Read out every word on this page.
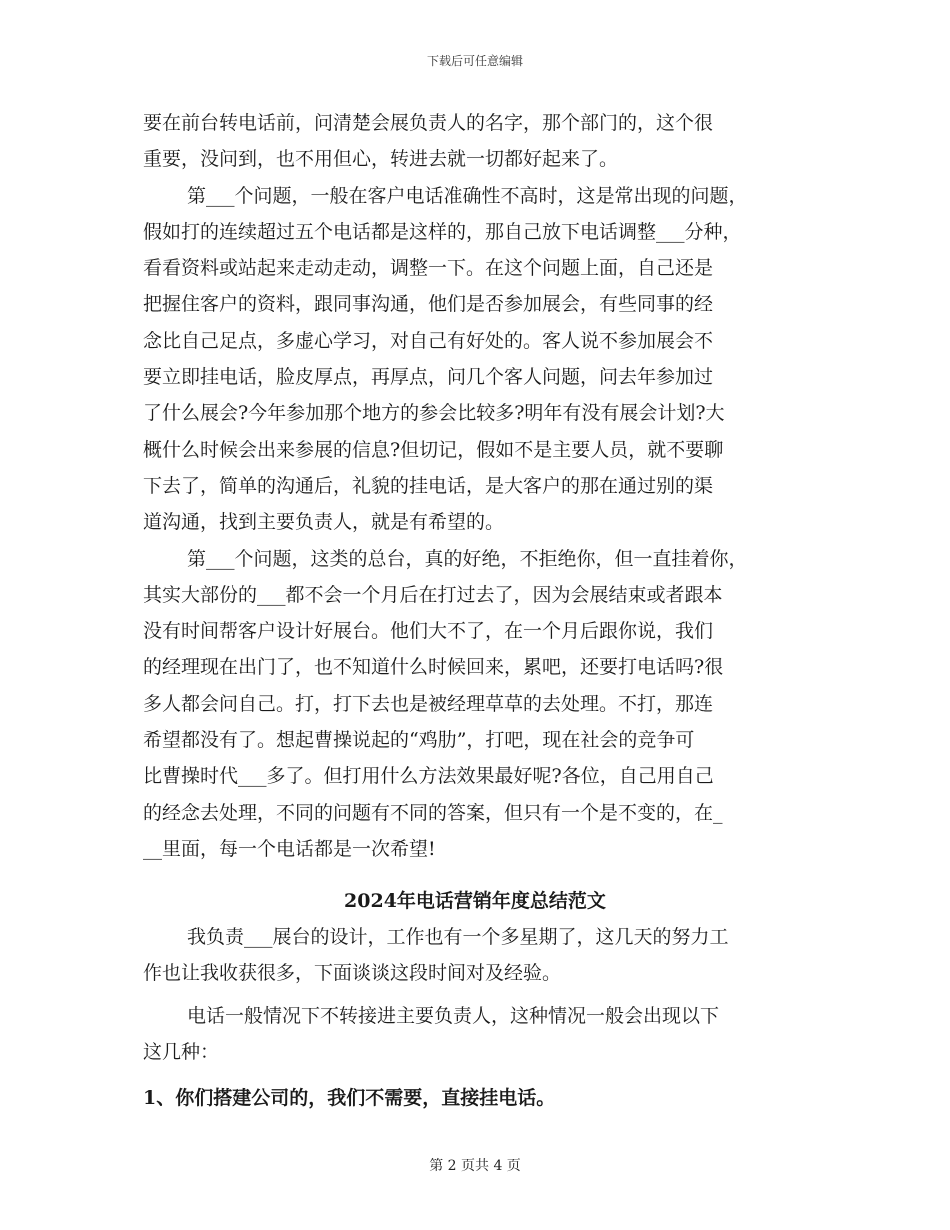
下载后可任意编辑
要在前台转电话前，问清楚会展负责人的名字，那个部门的，这个很
重要，没问到，也不用但心，转进去就一切都好起来了。
第___个问题，一般在客户电话准确性不高时，这是常出现的问题，
假如打的连续超过五个电话都是这样的，那自己放下电话调整___分种，
看看资料或站起来走动走动，调整一下。在这个问题上面，自己还是
把握住客户的资料，跟同事沟通，他们是否参加展会，有些同事的经
念比自己足点，多虚心学习，对自己有好处的。客人说不参加展会不
要立即挂电话，脸皮厚点，再厚点，问几个客人问题，问去年参加过
了什么展会?今年参加那个地方的参会比较多?明年有没有展会计划?大
概什么时候会出来参展的信息?但切记，假如不是主要人员，就不要聊
下去了，简单的沟通后，礼貌的挂电话，是大客户的那在通过别的渠
道沟通，找到主要负责人，就是有希望的。
第___个问题，这类的总台，真的好绝，不拒绝你，但一直挂着你，
其实大部份的___都不会一个月后在打过去了，因为会展结束或者跟本
没有时间帮客户设计好展台。他们大不了，在一个月后跟你说，我们
的经理现在出门了，也不知道什么时候回来，累吧，还要打电话吗?很
多人都会问自己。打，打下去也是被经理草草的去处理。不打，那连
希望都没有了。想起曹操说起的“鸡肋”，打吧，现在社会的竞争可
比曹操时代___多了。但打用什么方法效果最好呢?各位，自己用自己
的经念去处理，不同的问题有不同的答案，但只有一个是不变的，在_
__里面，每一个电话都是一次希望!
2024年电话营销年度总结范文
我负责___展台的设计，工作也有一个多星期了，这几天的努力工
作也让我收获很多，下面谈谈这段时间对及经验。
电话一般情况下不转接进主要负责人，这种情况一般会出现以下
这几种：
1、你们搭建公司的，我们不需要，直接挂电话。
第 2 页共 4 页
